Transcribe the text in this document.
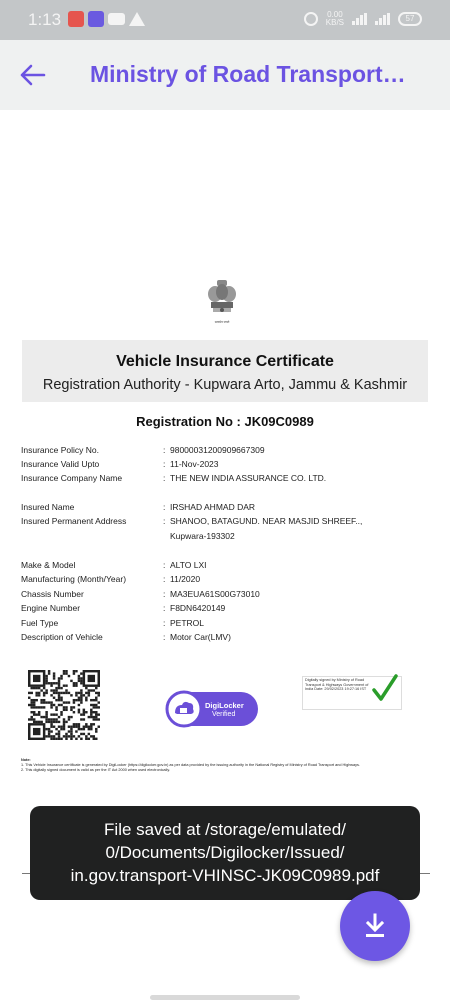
1:13	0.00
KB/S	57
Ministry of Road Transport…
सत्यमेव जयते
Vehicle Insurance Certificate
Registration Authority - Kupwara Arto, Jammu & Kashmir
Registration No : JK09C0989
Insurance Policy No.	: 98000031200909667309
Insurance Valid Upto	: 11-Nov-2023
Insurance Company Name	: THE NEW INDIA ASSURANCE CO. LTD.
Insured Name	: IRSHAD AHMAD DAR
Insured Permanent Address	: SHANOO, BATAGUND. NEAR MASJID SHREEF.., Kupwara-193302
Make & Model	: ALTO LXI
Manufacturing (Month/Year)	: 11/2020
Chassis Number	: MA3EUA61S00G73010
Engine Number	: F8DN6420149
Fuel Type	: PETROL
Description of Vehicle	: Motor Car(LMV)
DigiLocker
Verified
Digitally signed by Ministry of Road Transport & Highways Government of India Date: 29/02/2023 19:27:16 IST
Note:
1. This Vehicle Insurance certificate is generated by DigiLocker (https://digilocker.gov.in) as per data provided by the issuing authority in the National Registry of Ministry of Road Transport and Highways.
2. This digitally signed document is valid as per the IT Act 2000 when used electronically.
File saved at /storage/emulated/
0/Documents/Digilocker/Issued/
in.gov.transport-VHINSC-JK09C0989.pdf
